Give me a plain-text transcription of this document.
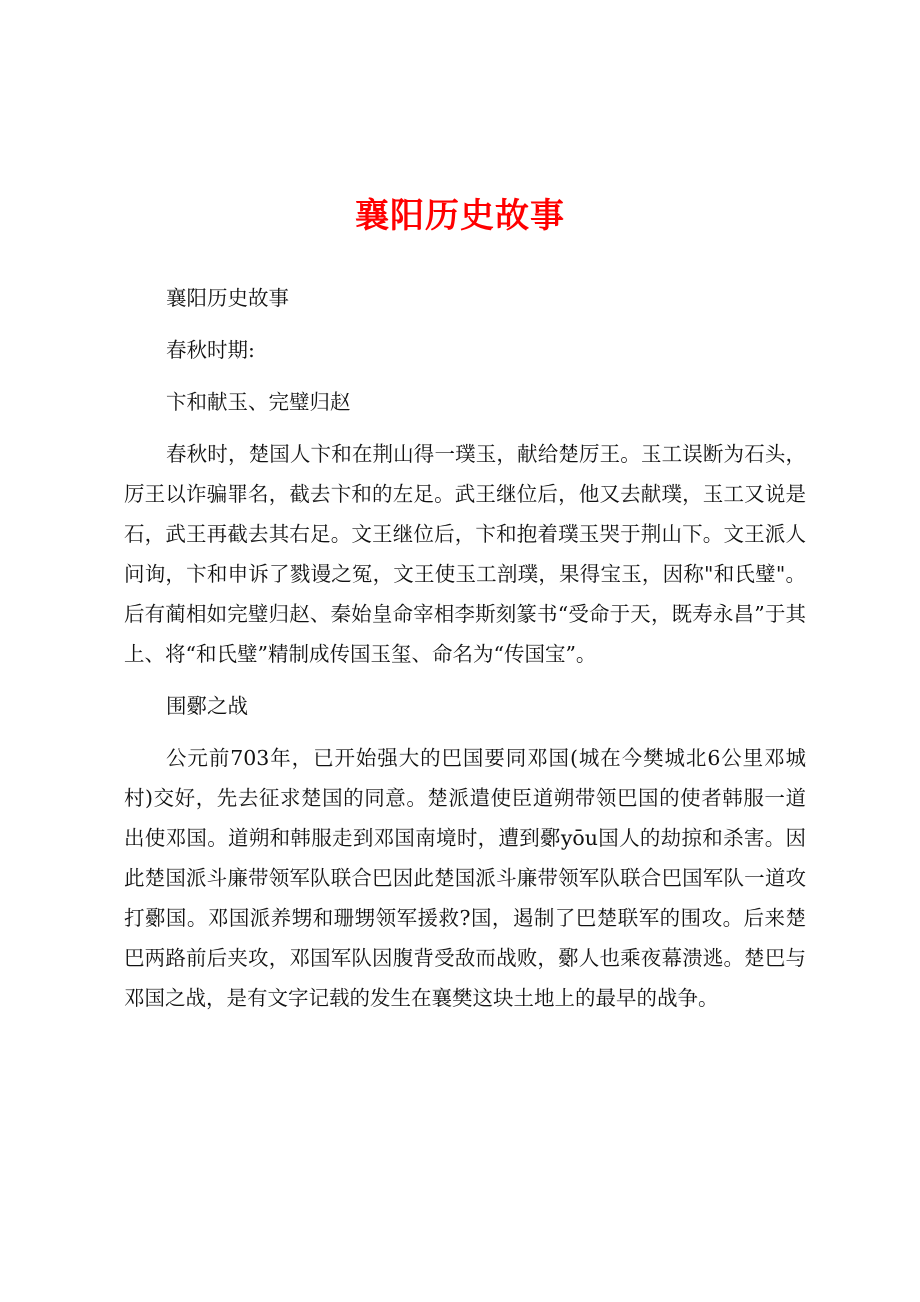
襄阳历史故事
襄阳历史故事
春秋时期:
卞和献玉、完璧归赵

春秋时，楚国人卞和在荆山得一璞玉，献给楚厉王。玉工误断为石头，厉王以诈骗罪名，截去卞和的左足。武王继位后，他又去献璞，玉工又说是石，武王再截去其右足。文王继位后，卞和抱着璞玉哭于荆山下。文王派人问询，卞和申诉了戮谩之冤，文王使玉工剖璞，果得宝玉，因称"和氏璧"。后有蔺相如完璧归赵、秦始皇命宰相李斯刻篆书“受命于天，既寿永昌”于其上、将“和氏璧”精制成传国玉玺、命名为“传国宝”。

围鄾之战

公元前703年，已开始强大的巴国要同邓国(城在今樊城北6公里邓城村)交好，先去征求楚国的同意。楚派遣使臣道朔带领巴国的使者韩服一道出使邓国。道朔和韩服走到邓国南境时，遭到鄾yōu国人的劫掠和杀害。因此楚国派斗廉带领军队联合巴因此楚国派斗廉带领军队联合巴国军队一道攻打鄾国。邓国派养甥和珊甥领军援救?国，遏制了巴楚联军的围攻。后来楚巴两路前后夹攻，邓国军队因腹背受敌而战败，鄾人也乘夜幕溃逃。楚巴与邓国之战，是有文字记载的发生在襄樊这块土地上的最早的战争。
